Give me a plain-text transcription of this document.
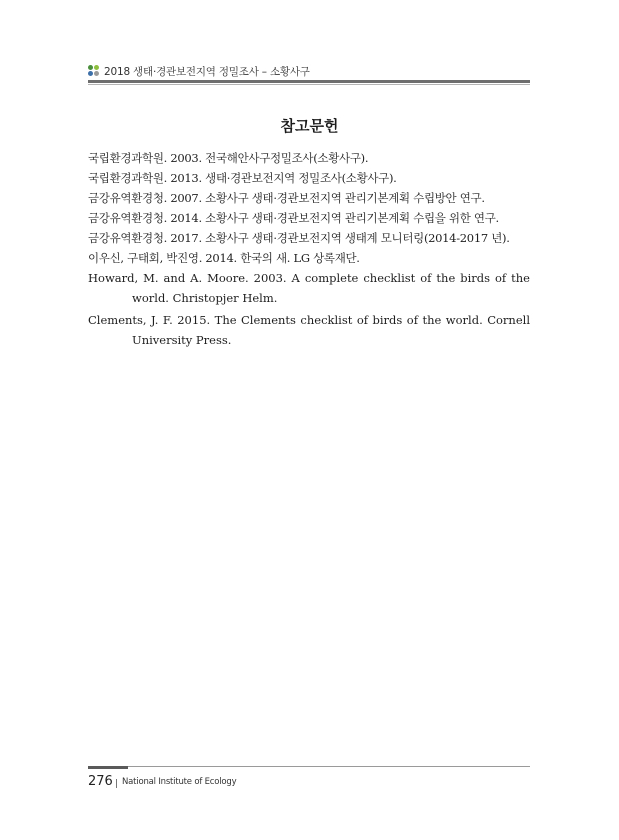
2018 생태·경관보전지역 정밀조사 – 소황사구
참고문헌

국립환경과학원. 2003. 전국해안사구정밀조사(소황사구).

국립환경과학원. 2013. 생태·경관보전지역 정밀조사(소황사구).

금강유역환경청. 2007. 소황사구 생태·경관보전지역 관리기본계획 수립방안 연구.

금강유역환경청. 2014. 소황사구 생태·경관보전지역 관리기본계획 수립을 위한 연구.

금강유역환경청. 2017. 소황사구 생태·경관보전지역 생태계 모니터링(2014-2017 년).

이우신, 구태회, 박진영. 2014. 한국의 새. LG 상록재단.

Howard, M. and A. Moore. 2003. A complete checklist of the birds of the world. Christopjer Helm.

Clements, J. F. 2015. The Clements checklist of birds of the world. Cornell University Press.

276 National Institute of Ecology
